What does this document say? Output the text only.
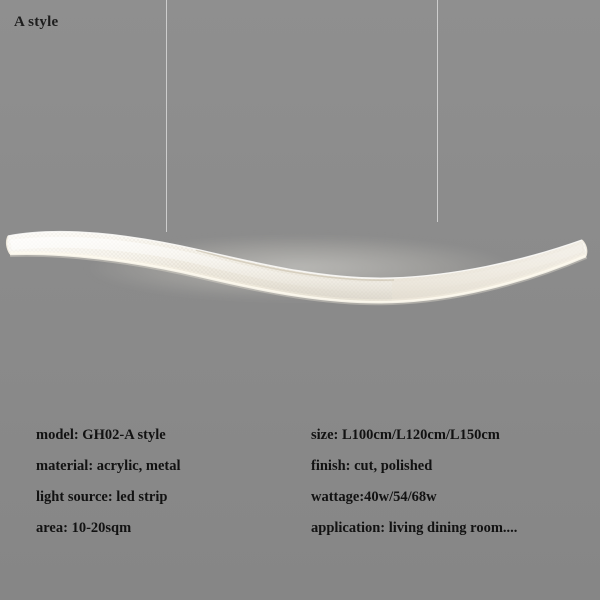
A style
model: GH02-A style
material: acrylic, metal
light source: led strip
area: 10-20sqm
size: L100cm/L120cm/L150cm
finish: cut, polished
wattage:40w/54/68w
application: living dining room....
